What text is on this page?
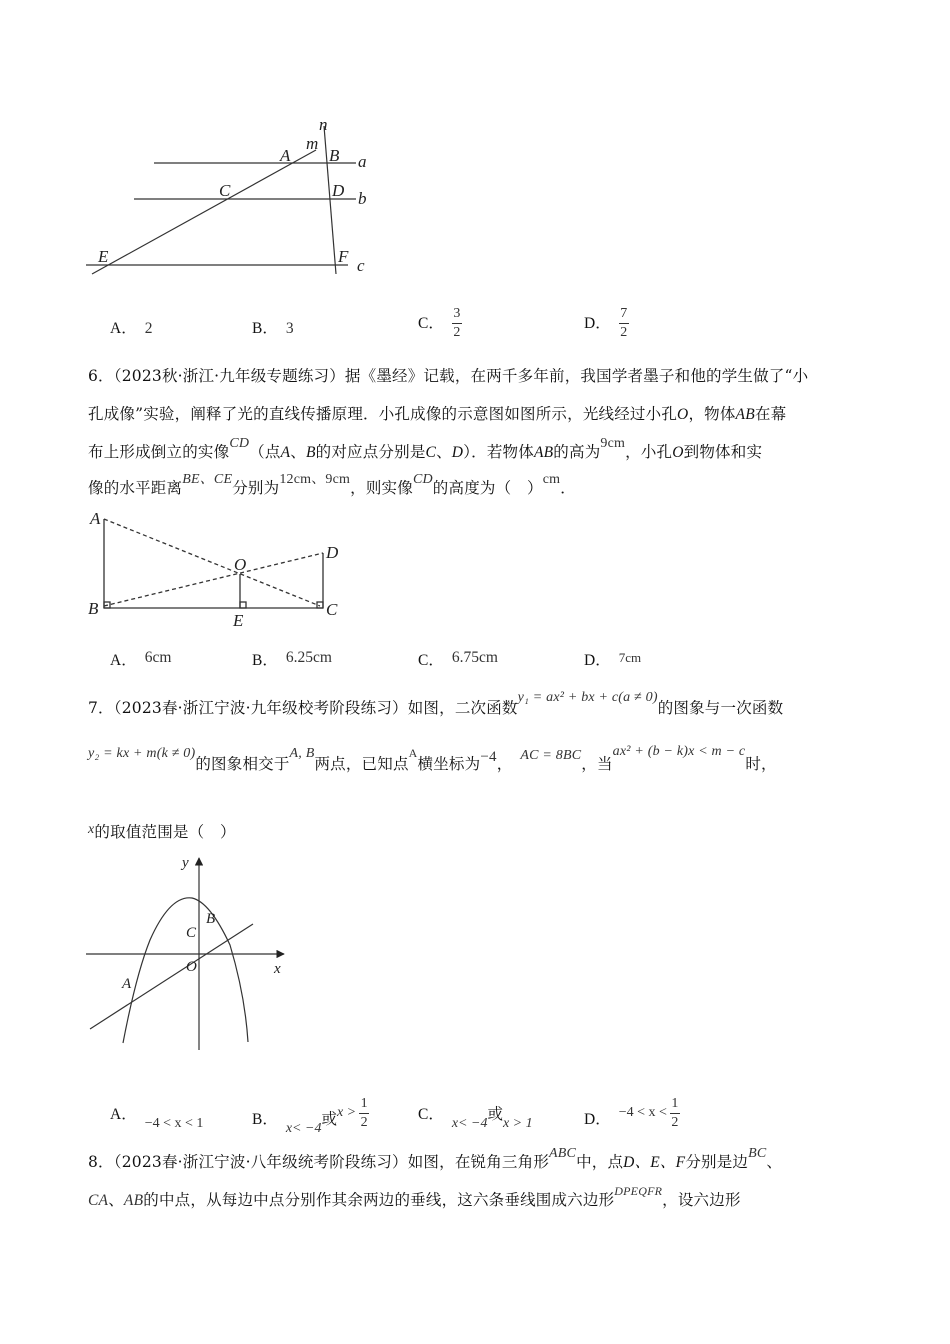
n
m
A B a
C	D b
E	F c
A． 2	B． 3	C． $\frac{3}{2}$	D． $\frac{7}{2}$
6．（2023秋·浙江·九年级专题练习）据《墨经》记载，在两千多年前，我国学者墨子和他的学生做了“小
孔成像”实验，阐释了光的直线传播原理．小孔成像的示意图如图所示，光线经过小孔O，物体AB在幕
布上形成倒立的实像CD（点A、B的对应点分别是C、D）．若物体AB的高为9cm，小孔O到物体和实
像的水平距离BE、CE分别为12cm、9cm，则实像CD的高度为（　）cm．
A
B
O
E
D
C
A． 6cm	B． 6.25cm	C． 6.75cm	D． 7cm
7．（2023春·浙江宁波·九年级校考阶段练习）如图，二次函数y₁ = ax² + bx + c(a ≠ 0)的图象与一次函数
y₂ = kx + m(k ≠ 0)的图象相交于A, B两点，已知点$^A$横坐标为−4， AC = 8BC，当ax² + (b − k)x < m − c时，
x的取值范围是（　）
y
x
O
A
B
C
A．−4 < x < 1	B．x< −4或$x > \frac{1}{2}$	C．x< −4或x > 1	D． $-4 < x < \frac{1}{2}$
8．（2023春·浙江宁波·八年级统考阶段练习）如图，在锐角三角形ABC中，点D、E、F分别是边BC、
CA、AB的中点，从每边中点分别作其余两边的垂线，这六条垂线围成六边形$^{DPEQFR}$，设六边形
